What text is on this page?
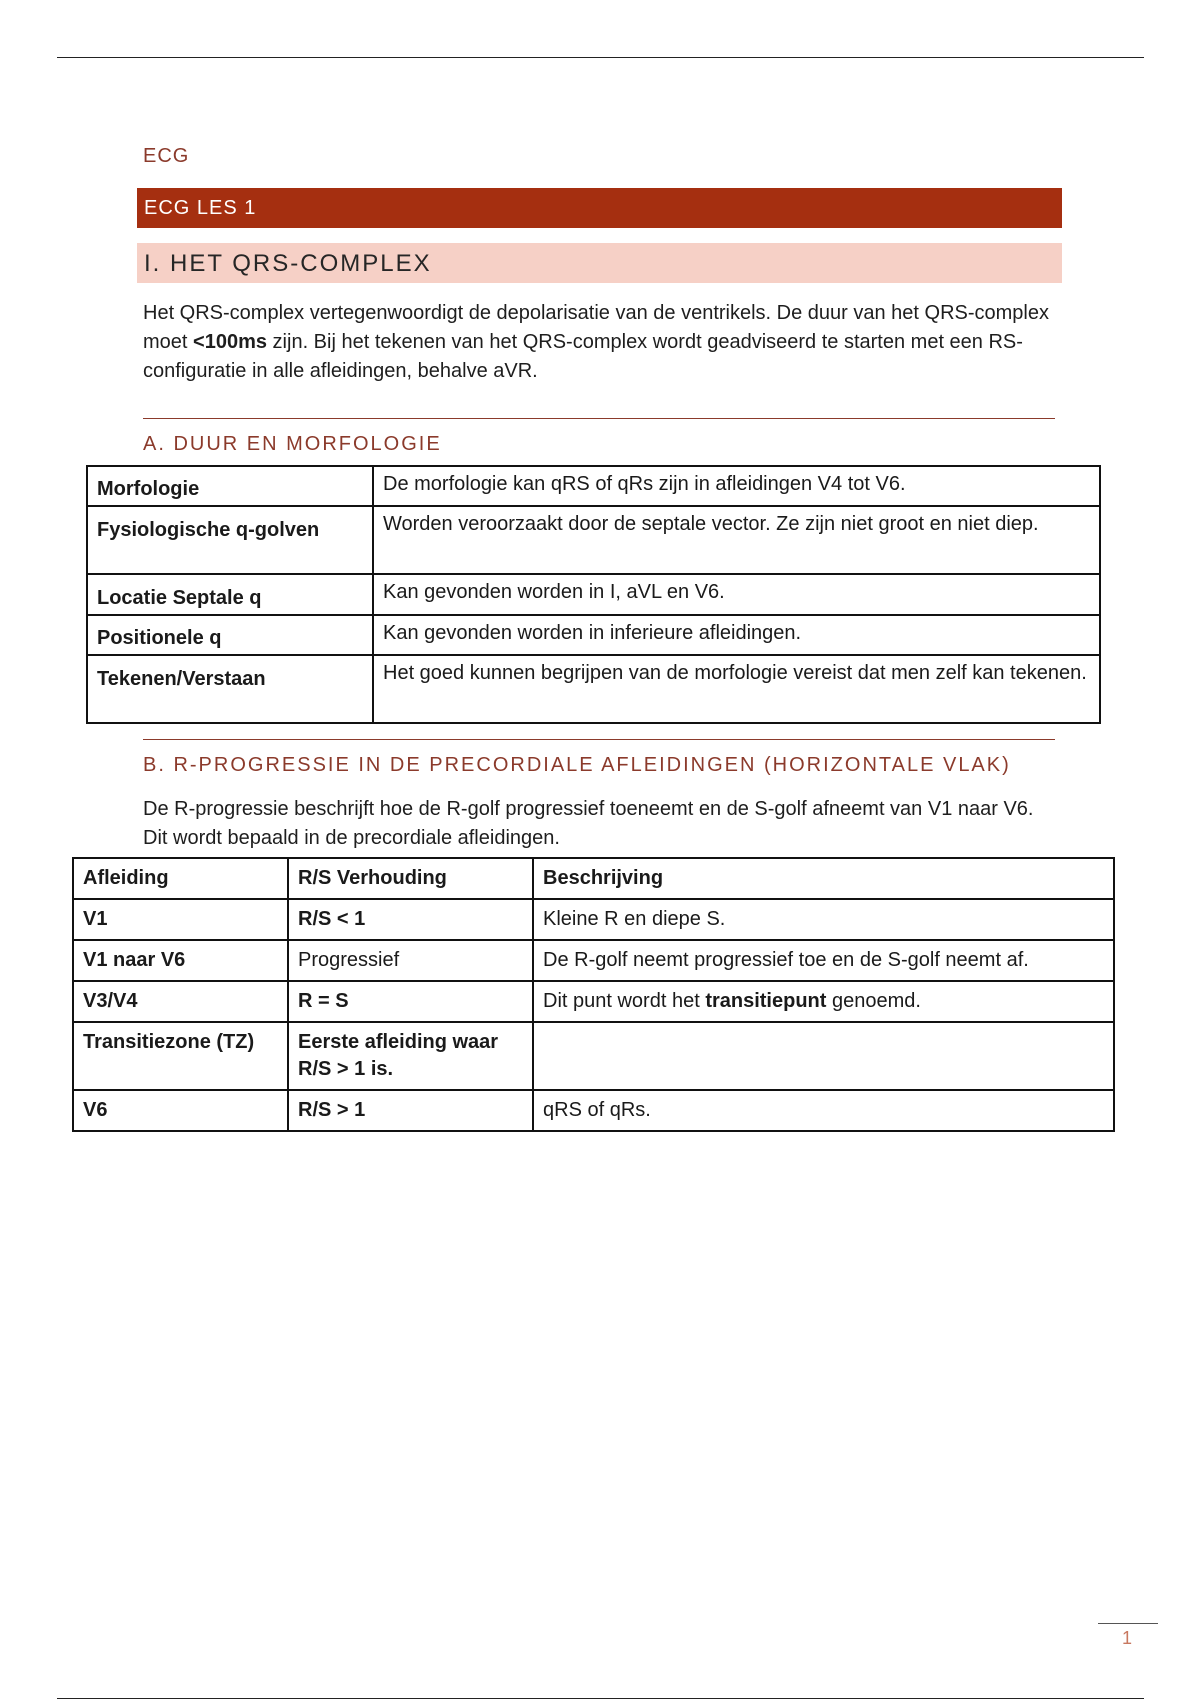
ECG
ECG LES 1
I. HET QRS-COMPLEX

Het QRS-complex vertegenwoordigt de depolarisatie van de ventrikels. De duur van het QRS-complex moet <100ms zijn. Bij het tekenen van het QRS-complex wordt geadviseerd te starten met een RS-configuratie in alle afleidingen, behalve aVR.

A. DUUR EN MORFOLOGIE
Morfologie	De morfologie kan qRS of qRs zijn in afleidingen V4 tot V6.
Fysiologische q-golven	Worden veroorzaakt door de septale vector. Ze zijn niet groot en niet diep.
Locatie Septale q	Kan gevonden worden in I, aVL en V6.
Positionele q	Kan gevonden worden in inferieure afleidingen.
Tekenen/Verstaan	Het goed kunnen begrijpen van de morfologie vereist dat men zelf kan tekenen.
B. R-PROGRESSIE IN DE PRECORDIALE AFLEIDINGEN (HORIZONTALE VLAK)

De R-progressie beschrijft hoe de R-golf progressief toeneemt en de S-golf afneemt van V1 naar V6. Dit wordt bepaald in de precordiale afleidingen.

Afleiding	R/S Verhouding	Beschrijving
V1	R/S < 1	Kleine R en diepe S.
V1 naar V6	Progressief	De R-golf neemt progressief toe en de S-golf neemt af.
V3/V4	R = S	Dit punt wordt het transitiepunt genoemd.
Transitiezone (TZ)	Eerste afleiding waar R/S > 1 is.	
V6	R/S > 1	qRS of qRs.
1
